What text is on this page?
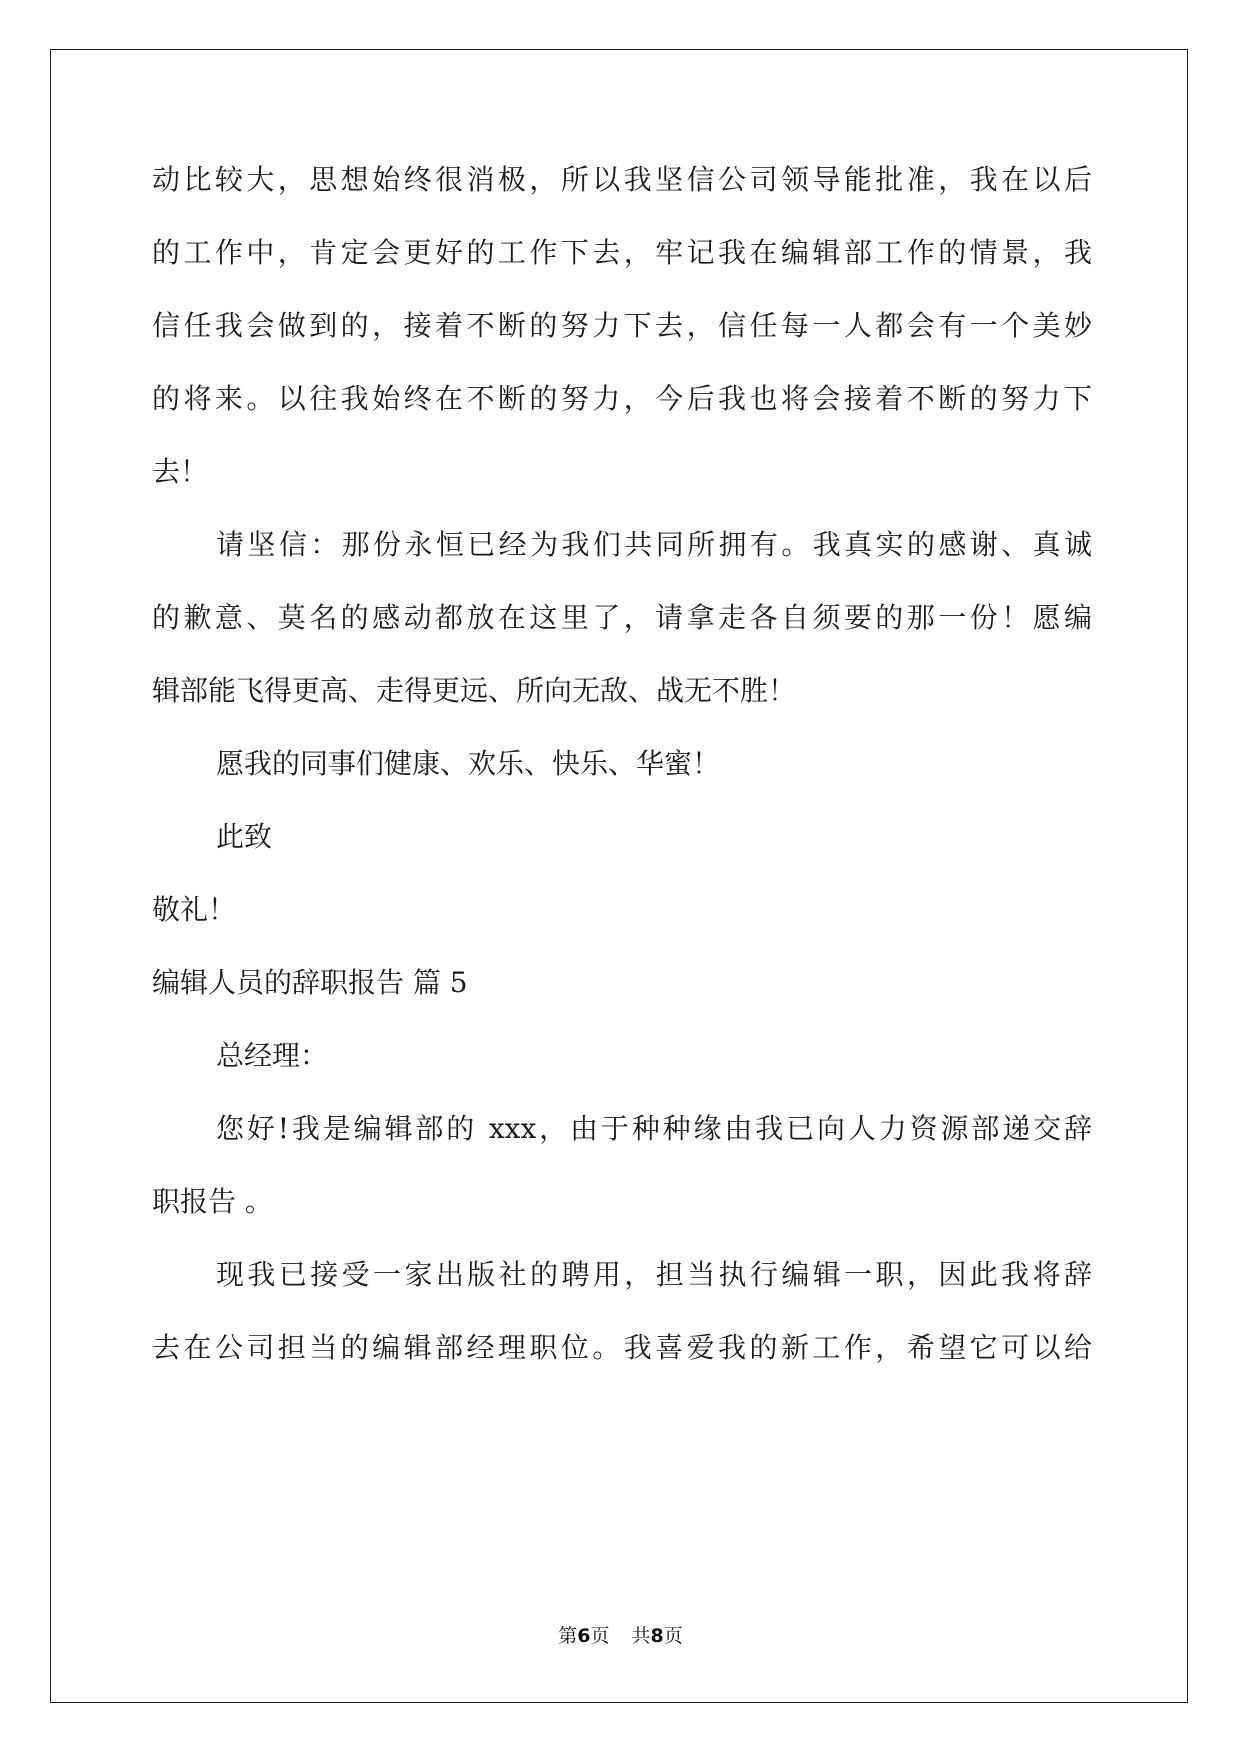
动比较大，思想始终很消极，所以我坚信公司领导能批准，我在以后
的工作中，肯定会更好的工作下去，牢记我在编辑部工作的情景，我
信任我会做到的，接着不断的努力下去，信任每一人都会有一个美妙
的将来。以往我始终在不断的努力，今后我也将会接着不断的努力下
去！
请坚信：那份永恒已经为我们共同所拥有。我真实的感谢、真诚
的歉意、莫名的感动都放在这里了，请拿走各自须要的那一份！愿编
辑部能飞得更高、走得更远、所向无敌、战无不胜！
愿我的同事们健康、欢乐、快乐、华蜜！
此致
敬礼！
编辑人员的辞职报告 篇 5
总经理：
您好!我是编辑部的 xxx，由于种种缘由我已向人力资源部递交辞
职报告 。
现我已接受一家出版社的聘用，担当执行编辑一职，因此我将辞
去在公司担当的编辑部经理职位。我喜爱我的新工作，希望它可以给
第6页 共8页
